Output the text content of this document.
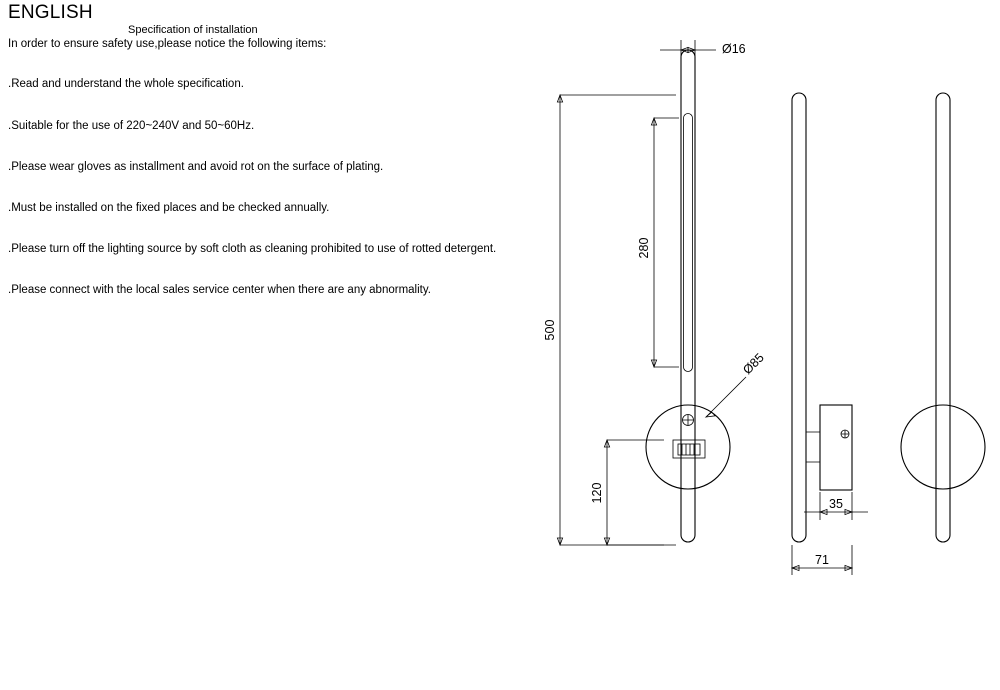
ENGLISH
Specification of installation
In order to ensure safety use,please notice the following items:

.Read and understand the whole specification.

.Suitable for the use of 220~240V and 50~60Hz.

.Please wear gloves as installment and avoid rot on the surface of plating.

.Must be installed on the fixed places and be checked annually.

.Please turn off the lighting source by soft cloth as cleaning prohibited to use of rotted detergent.

.Please connect with the local sales service center when there are any abnormality.

Ø16
500
280
Ø85
120
35
71
